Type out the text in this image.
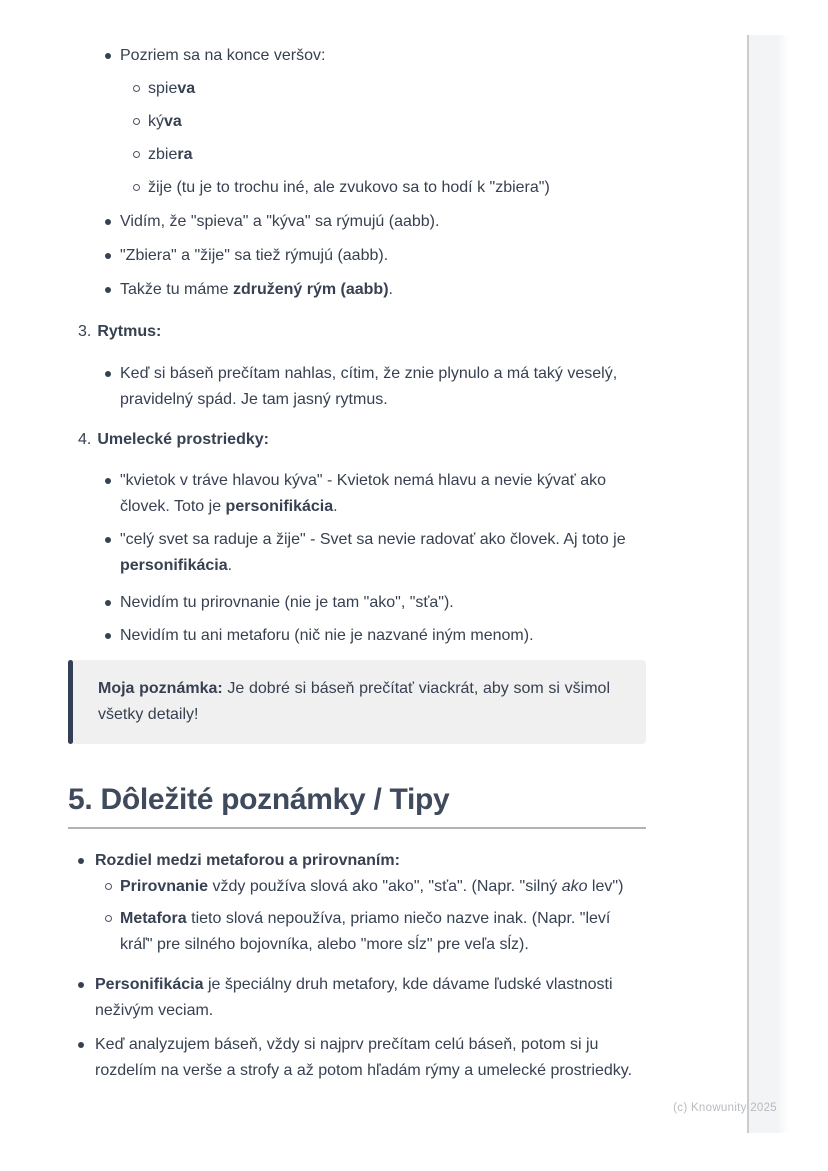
Pozriem sa na konce veršov:

spieva

kýva

zbiera

žije (tu je to trochu iné, ale zvukovo sa to hodí k "zbiera")

Vidím, že "spieva" a "kýva" sa rýmujú (aabb).

"Zbiera" a "žije" sa tiež rýmujú (aabb).

Takže tu máme združený rým (aabb).

3. Rytmus:

Keď si báseň prečítam nahlas, cítim, že znie plynulo a má taký veselý, pravidelný spád. Je tam jasný rytmus.

4. Umelecké prostriedky:

"kvietok v tráve hlavou kýva" - Kvietok nemá hlavu a nevie kývať ako človek. Toto je personifikácia.

"celý svet sa raduje a žije" - Svet sa nevie radovať ako človek. Aj toto je personifikácia.

Nevidím tu prirovnanie (nie je tam "ako", "sťa").

Nevidím tu ani metaforu (nič nie je nazvané iným menom).

Moja poznámka: Je dobré si báseň prečítať viackrát, aby som si všimol všetky detaily!

5. Dôležité poznámky / Tipy

Rozdiel medzi metaforou a prirovnaním:

Prirovnanie vždy používa slová ako "ako", "sťa". (Napr. "silný ako lev")

Metafora tieto slová nepoužíva, priamo niečo nazve inak. (Napr. "leví kráľ" pre silného bojovníka, alebo "more sĺz" pre veľa sĺz).

Personifikácia je špeciálny druh metafory, kde dávame ľudské vlastnosti neživým veciam.

Keď analyzujem báseň, vždy si najprv prečítam celú báseň, potom si ju rozdelím na verše a strofy a až potom hľadám rýmy a umelecké prostriedky.

(c) Knowunity 2025
